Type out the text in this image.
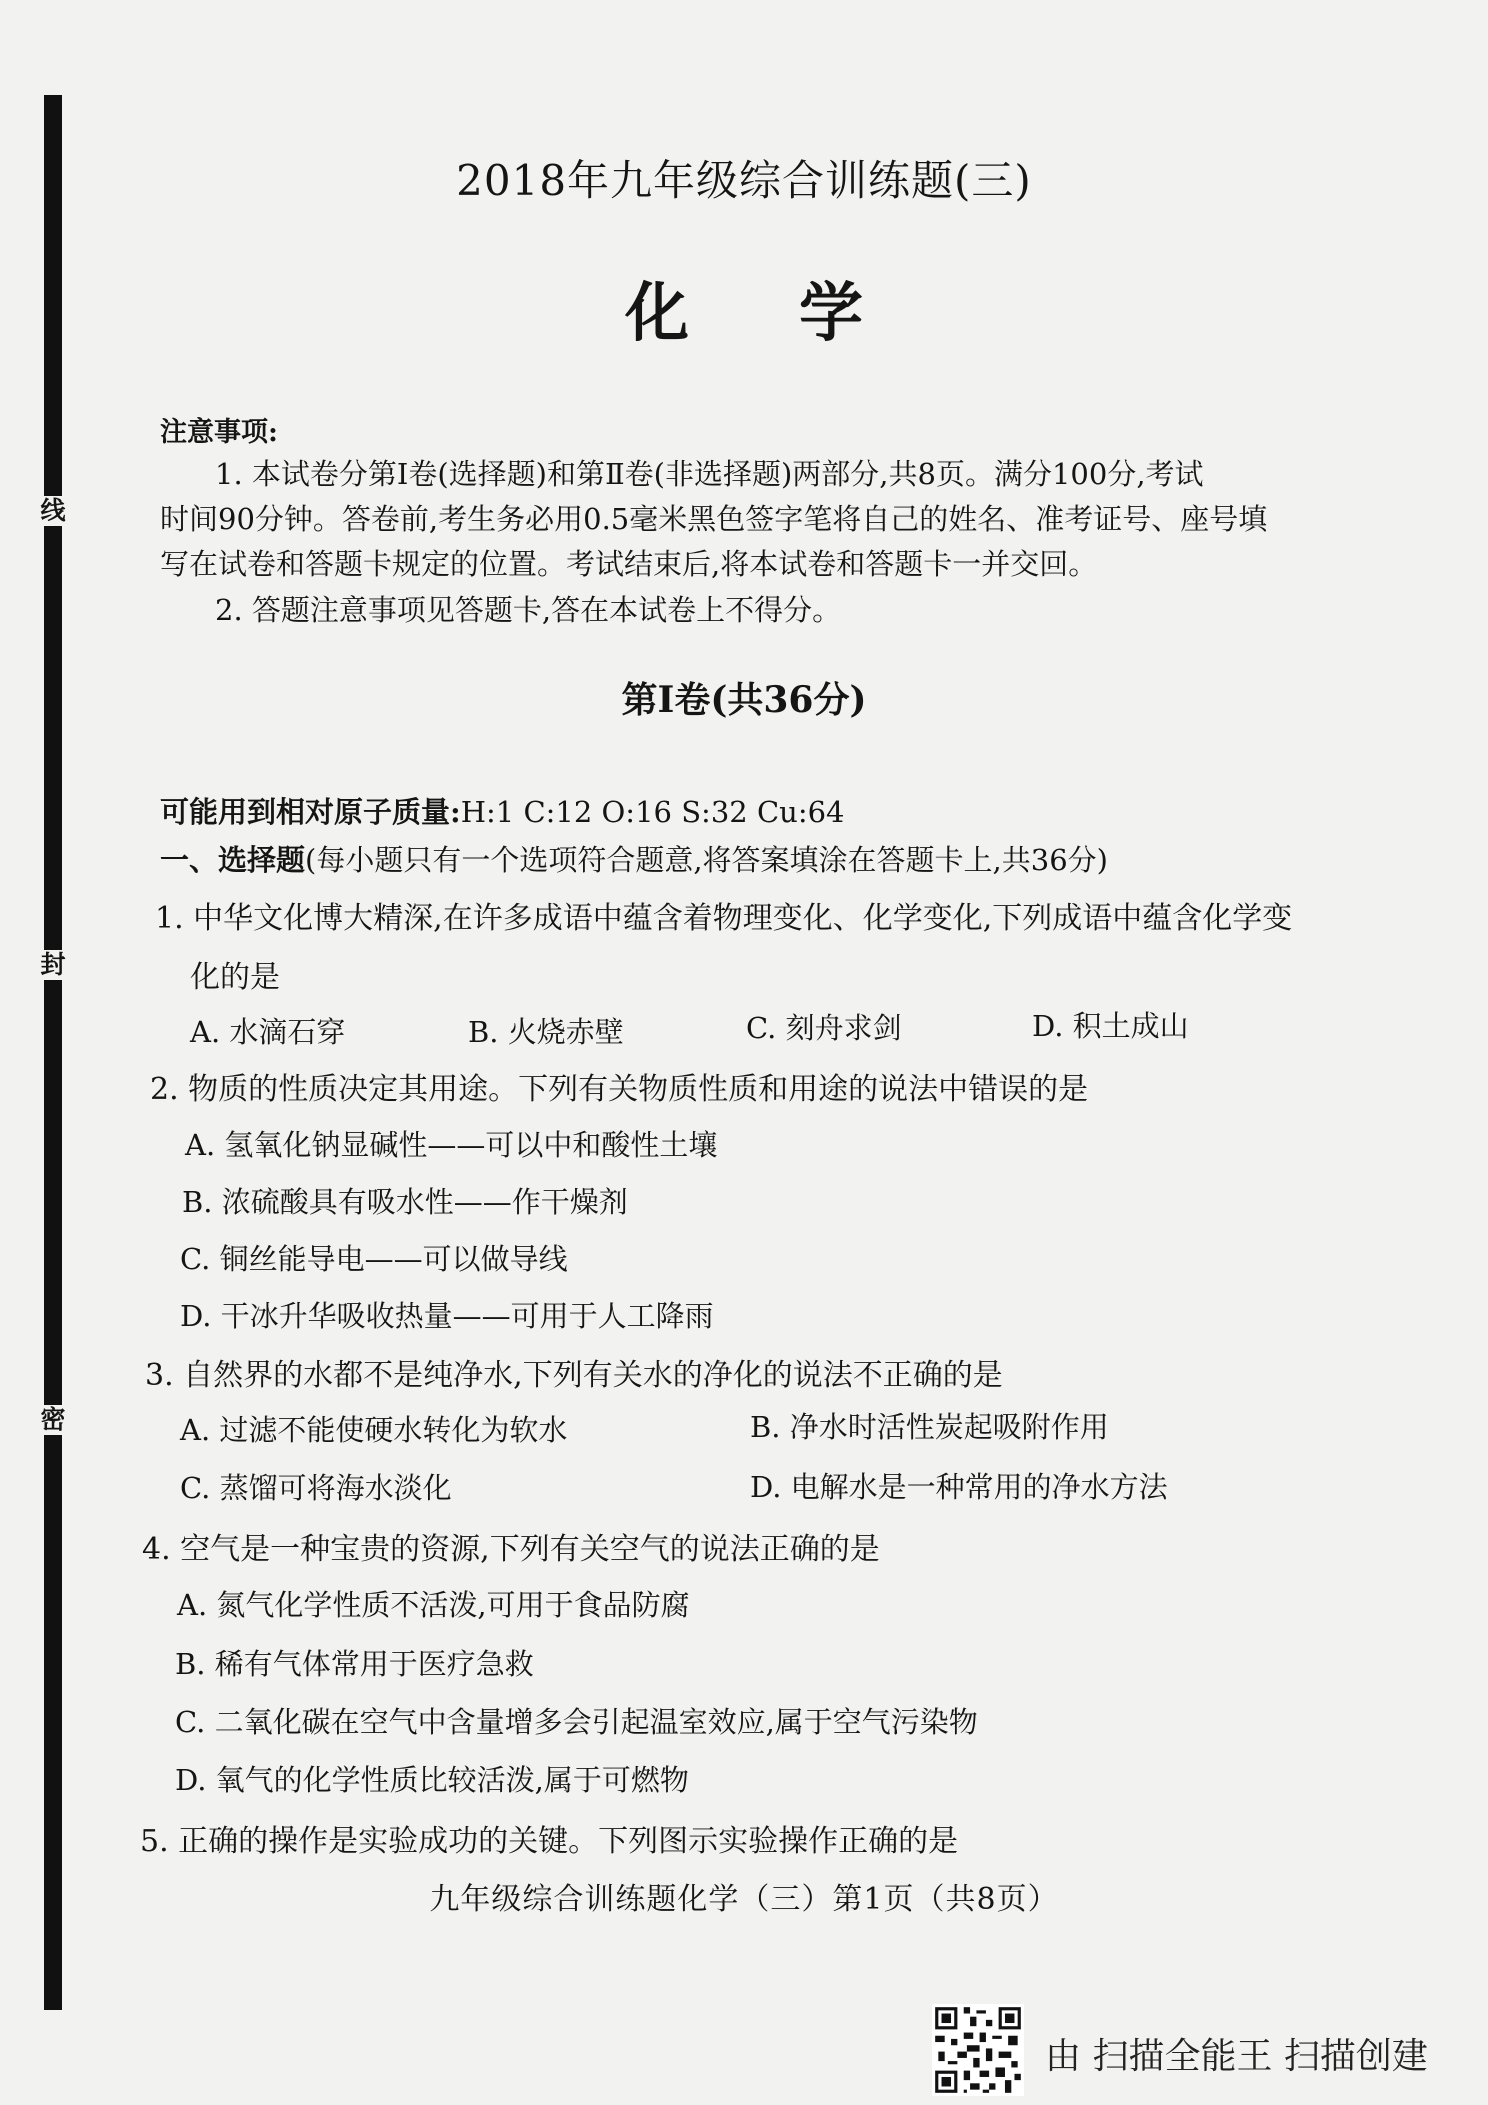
线
封
密
2018年九年级综合训练题(三)
化学
注意事项:
1. 本试卷分第Ⅰ卷(选择题)和第Ⅱ卷(非选择题)两部分,共8页。满分100分,考试
时间90分钟。答卷前,考生务必用0.5毫米黑色签字笔将自己的姓名、准考证号、座号填
写在试卷和答题卡规定的位置。考试结束后,将本试卷和答题卡一并交回。
2. 答题注意事项见答题卡,答在本试卷上不得分。
第Ⅰ卷(共36分)
可能用到相对原子质量:H:1 C:12 O:16 S:32 Cu:64
一、选择题(每小题只有一个选项符合题意,将答案填涂在答题卡上,共36分)
1. 中华文化博大精深,在许多成语中蕴含着物理变化、化学变化,下列成语中蕴含化学变
化的是
A. 水滴石穿	B. 火烧赤壁	C. 刻舟求剑	D. 积土成山
2. 物质的性质决定其用途。下列有关物质性质和用途的说法中错误的是
A. 氢氧化钠显碱性——可以中和酸性土壤
B. 浓硫酸具有吸水性——作干燥剂
C. 铜丝能导电——可以做导线
D. 干冰升华吸收热量——可用于人工降雨
3. 自然界的水都不是纯净水,下列有关水的净化的说法不正确的是
A. 过滤不能使硬水转化为软水	B. 净水时活性炭起吸附作用
C. 蒸馏可将海水淡化	D. 电解水是一种常用的净水方法
4. 空气是一种宝贵的资源,下列有关空气的说法正确的是
A. 氮气化学性质不活泼,可用于食品防腐
B. 稀有气体常用于医疗急救
C. 二氧化碳在空气中含量增多会引起温室效应,属于空气污染物
D. 氧气的化学性质比较活泼,属于可燃物
5. 正确的操作是实验成功的关键。下列图示实验操作正确的是
九年级综合训练题化学（三）第1页（共8页）
由 扫描全能王 扫描创建
